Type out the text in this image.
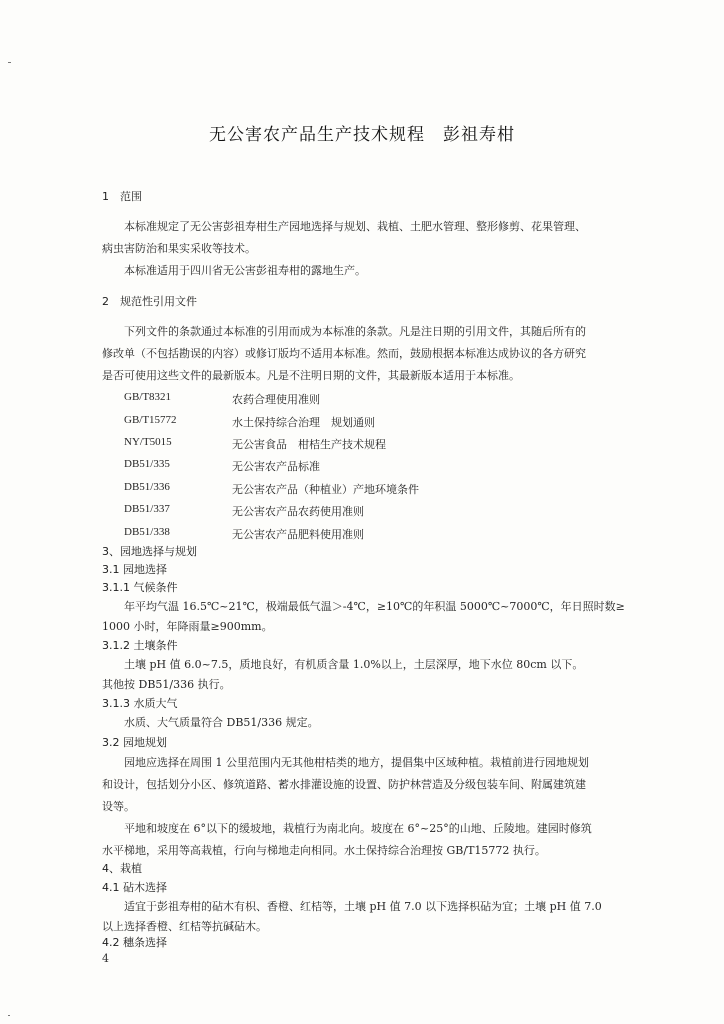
无公害农产品生产技术规程　彭祖寿柑
1　范围
本标准规定了无公害彭祖寿柑生产园地选择与规划、栽植、土肥水管理、整形修剪、花果管理、
病虫害防治和果实采收等技术。
本标准适用于四川省无公害彭祖寿柑的露地生产。
2　规范性引用文件
下列文件的条款通过本标准的引用而成为本标准的条款。凡是注日期的引用文件，其随后所有的
修改单（不包括勘误的内容）或修订版均不适用本标准。然而，鼓励根据本标准达成协议的各方研究
是否可使用这些文件的最新版本。凡是不注明日期的文件，其最新版本适用于本标准。
GB/T8321	农药合理使用准则
GB/T15772	水土保持综合治理　规划通则
NY/T5015	无公害食品　柑桔生产技术规程
DB51/335	无公害农产品标准
DB51/336	无公害农产品（种植业）产地环境条件
DB51/337	无公害农产品农药使用准则
DB51/338	无公害农产品肥料使用准则
3、园地选择与规划
3.1 园地选择
3.1.1 气候条件
年平均气温 16.5℃~21℃，极端最低气温＞-4℃，≥10℃的年积温 5000℃~7000℃，年日照时数≥
1000 小时，年降雨量≥900mm。
3.1.2 土壤条件
土壤 pH 值 6.0~7.5，质地良好，有机质含量 1.0%以上，土层深厚，地下水位 80cm 以下。
其他按 DB51/336 执行。
3.1.3 水质大气
水质、大气质量符合 DB51/336 规定。
3.2 园地规划
园地应选择在周围 1 公里范围内无其他柑桔类的地方，提倡集中区域种植。栽植前进行园地规划
和设计，包括划分小区、修筑道路、蓄水排灌设施的设置、防护林营造及分级包装车间、附属建筑建
设等。
平地和坡度在 6°以下的缓坡地，栽植行为南北向。坡度在 6°~25°的山地、丘陵地。建园时修筑
水平梯地，采用等高栽植，行向与梯地走向相同。水土保持综合治理按 GB/T15772 执行。
4、栽植
4.1 砧木选择
适宜于彭祖寿柑的砧木有枳、香橙、红桔等，土壤 pH 值 7.0 以下选择枳砧为宜；土壤 pH 值 7.0
以上选择香橙、红桔等抗碱砧木。
4.2 穗条选择
4
